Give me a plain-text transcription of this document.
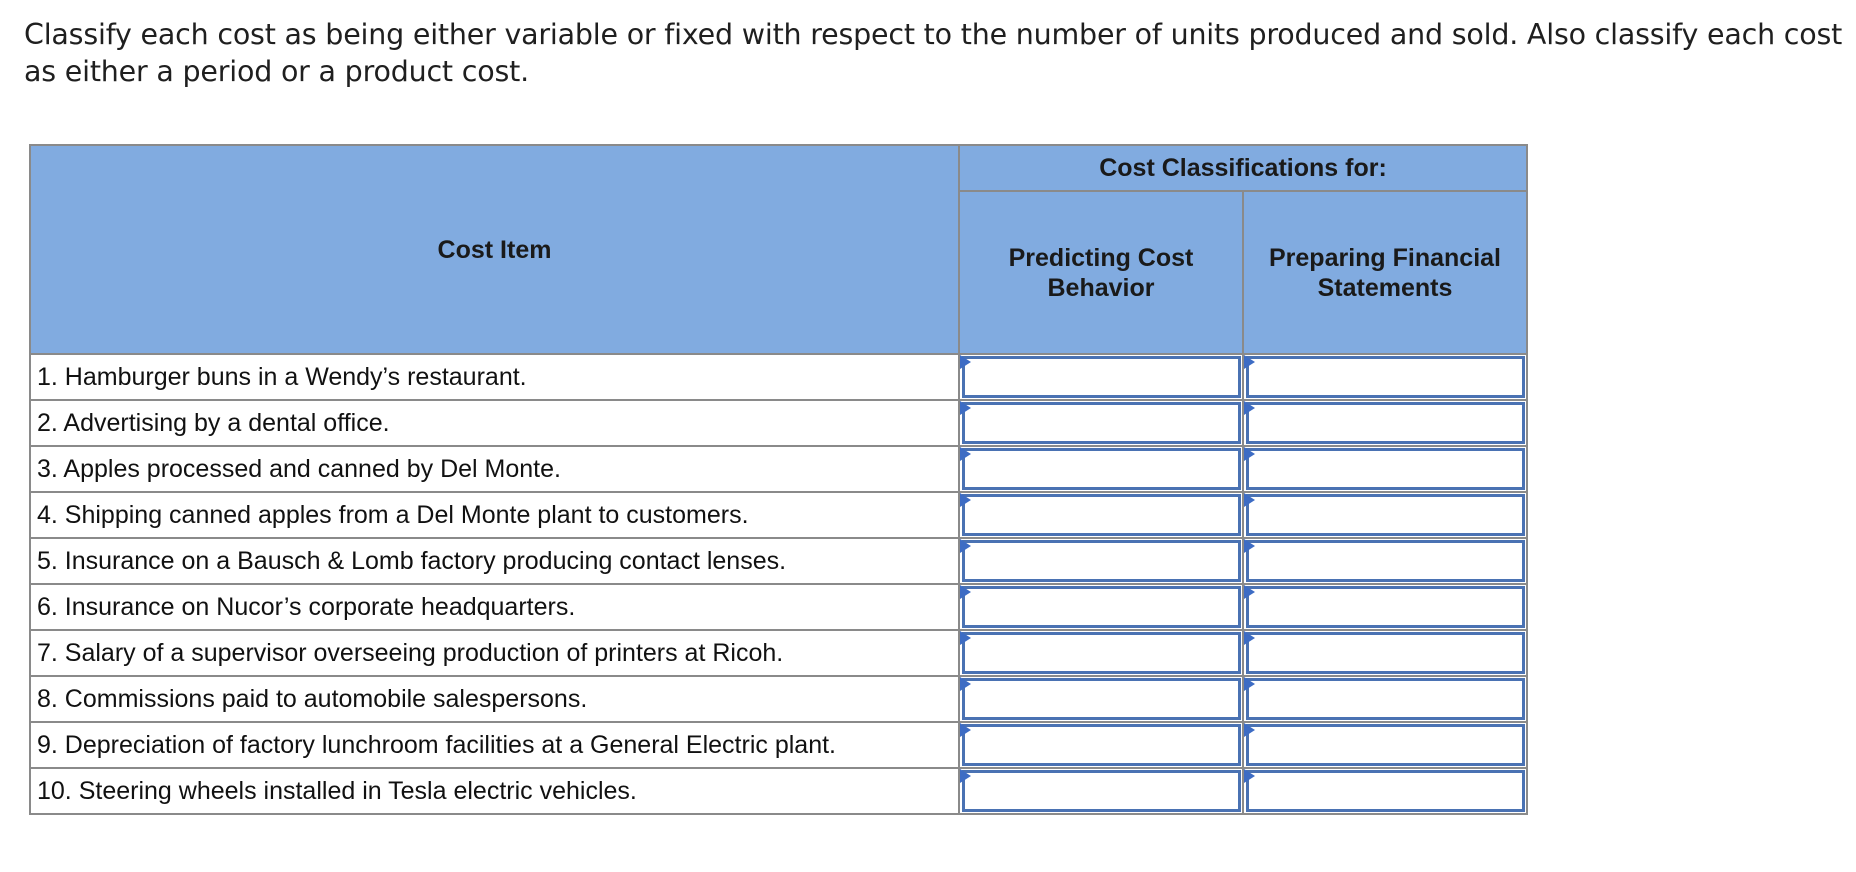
Classify each cost as being either variable or fixed with respect to the number of units produced and sold. Also classify each cost as either a period or a product cost.
Cost Item	Cost Classifications for:	
	Predicting Cost Behavior	Preparing Financial Statements
1. Hamburger buns in a Wendy’s restaurant.	

2. Advertising by a dental office.	

3. Apples processed and canned by Del Monte.	

4. Shipping canned apples from a Del Monte plant to customers.	

5. Insurance on a Bausch & Lomb factory producing contact lenses.	

6. Insurance on Nucor’s corporate headquarters.	

7. Salary of a supervisor overseeing production of printers at Ricoh.	

8. Commissions paid to automobile salespersons.	

9. Depreciation of factory lunchroom facilities at a General Electric plant.	

10. Steering wheels installed in Tesla electric vehicles.	
